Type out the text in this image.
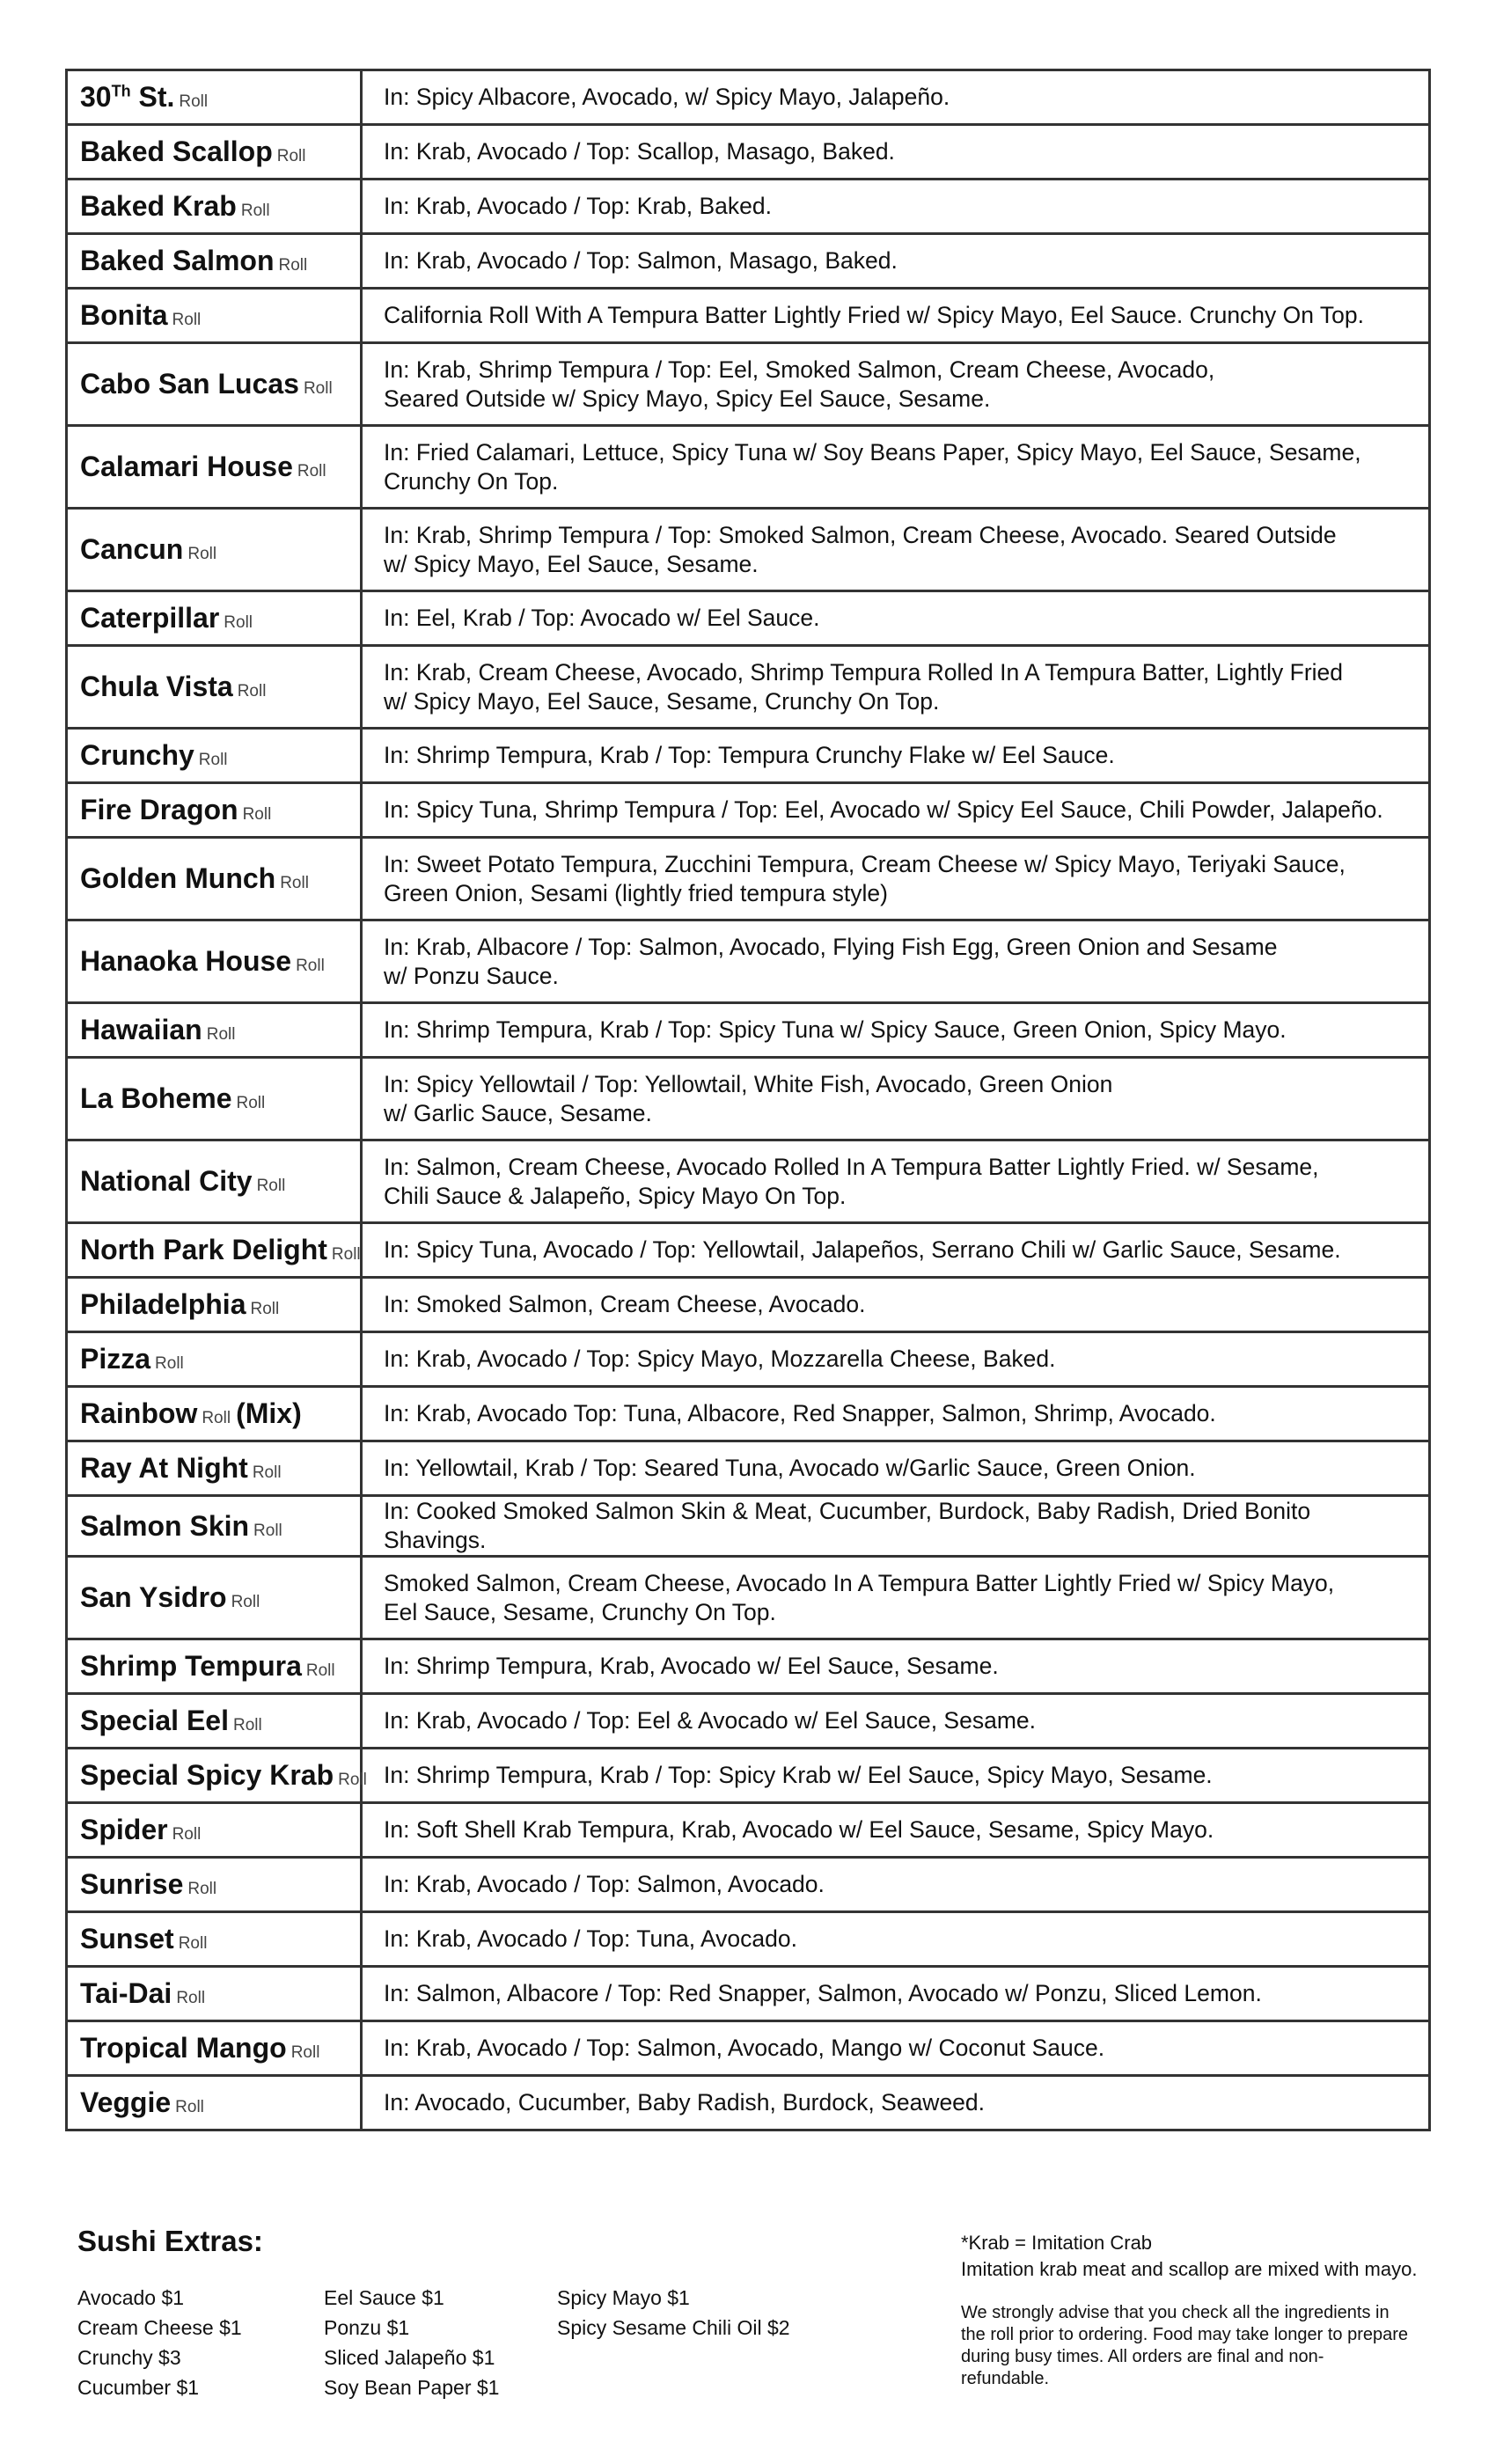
30Th St. Roll	In: Spicy Albacore, Avocado, w/ Spicy Mayo, Jalapeño.

Baked Scallop Roll	In: Krab, Avocado / Top: Scallop, Masago, Baked.

Baked Krab Roll	In: Krab, Avocado / Top: Krab, Baked.

Baked Salmon Roll	In: Krab, Avocado / Top: Salmon, Masago, Baked.

Bonita Roll	California Roll With A Tempura Batter Lightly Fried w/ Spicy Mayo, Eel Sauce. Crunchy On Top.

Cabo San Lucas Roll	In: Krab, Shrimp Tempura / Top: Eel, Smoked Salmon, Cream Cheese, Avocado,
Seared Outside w/ Spicy Mayo, Spicy Eel Sauce, Sesame.

Calamari House Roll	In: Fried Calamari, Lettuce, Spicy Tuna w/ Soy Beans Paper, Spicy Mayo, Eel Sauce, Sesame,
Crunchy On Top.

Cancun Roll	In: Krab, Shrimp Tempura / Top: Smoked Salmon, Cream Cheese, Avocado. Seared Outside
w/ Spicy Mayo, Eel Sauce, Sesame.

Caterpillar Roll	In: Eel, Krab / Top: Avocado w/ Eel Sauce.

Chula Vista Roll	In: Krab, Cream Cheese, Avocado, Shrimp Tempura Rolled In A Tempura Batter, Lightly Fried
w/ Spicy Mayo, Eel Sauce, Sesame, Crunchy On Top.

Crunchy Roll	In: Shrimp Tempura, Krab / Top: Tempura Crunchy Flake w/ Eel Sauce.

Fire Dragon Roll	In: Spicy Tuna, Shrimp Tempura / Top: Eel, Avocado w/ Spicy Eel Sauce, Chili Powder, Jalapeño.

Golden Munch Roll	In: Sweet Potato Tempura, Zucchini Tempura, Cream Cheese w/ Spicy Mayo, Teriyaki Sauce,
Green Onion, Sesami (lightly fried tempura style)

Hanaoka House Roll	In: Krab, Albacore / Top: Salmon, Avocado, Flying Fish Egg, Green Onion and Sesame
w/ Ponzu Sauce.

Hawaiian Roll	In: Shrimp Tempura, Krab / Top: Spicy Tuna w/ Spicy Sauce, Green Onion, Spicy Mayo.

La Boheme Roll	In: Spicy Yellowtail / Top: Yellowtail, White Fish, Avocado, Green Onion
w/ Garlic Sauce, Sesame.

National City Roll	In: Salmon, Cream Cheese, Avocado Rolled In A Tempura Batter Lightly Fried. w/ Sesame,
Chili Sauce & Jalapeño, Spicy Mayo On Top.

North Park Delight Roll	In: Spicy Tuna, Avocado / Top: Yellowtail, Jalapeños, Serrano Chili w/ Garlic Sauce, Sesame.

Philadelphia Roll	In: Smoked Salmon, Cream Cheese, Avocado.

Pizza Roll	In: Krab, Avocado / Top: Spicy Mayo, Mozzarella Cheese, Baked.

Rainbow Roll (Mix)	In: Krab, Avocado Top: Tuna, Albacore, Red Snapper, Salmon, Shrimp, Avocado.

Ray At Night Roll	In: Yellowtail, Krab / Top: Seared Tuna, Avocado w/Garlic Sauce, Green Onion.

Salmon Skin Roll	In: Cooked Smoked Salmon Skin & Meat, Cucumber, Burdock, Baby Radish, Dried Bonito Shavings.

San Ysidro Roll	Smoked Salmon, Cream Cheese, Avocado In A Tempura Batter Lightly Fried w/ Spicy Mayo,
Eel Sauce, Sesame, Crunchy On Top.

Shrimp Tempura Roll	In: Shrimp Tempura, Krab, Avocado w/ Eel Sauce, Sesame.

Special Eel Roll	In: Krab, Avocado / Top: Eel & Avocado w/ Eel Sauce, Sesame.

Special Spicy Krab Roll	In: Shrimp Tempura, Krab / Top: Spicy Krab w/ Eel Sauce, Spicy Mayo, Sesame.

Spider Roll	In: Soft Shell Krab Tempura, Krab, Avocado w/ Eel Sauce, Sesame, Spicy Mayo.

Sunrise Roll	In: Krab, Avocado / Top: Salmon, Avocado.

Sunset Roll	In: Krab, Avocado / Top: Tuna, Avocado.

Tai-Dai Roll	In: Salmon, Albacore / Top: Red Snapper, Salmon, Avocado w/ Ponzu, Sliced Lemon.

Tropical Mango Roll	In: Krab, Avocado / Top: Salmon, Avocado, Mango w/ Coconut Sauce.

Veggie Roll	In: Avocado, Cucumber, Baby Radish, Burdock, Seaweed.
Sushi Extras:
Avocado $1
Cream Cheese $1
Crunchy $3
Cucumber $1
Eel Sauce $1
Ponzu $1
Sliced Jalapeño $1
Soy Bean Paper $1
Spicy Mayo $1
Spicy Sesame Chili Oil $2
*Krab = Imitation Crab
Imitation krab meat and scallop are mixed with mayo.
We strongly advise that you check all the ingredients in the roll prior to ordering. Food may take longer to prepare during busy times. All orders are final and non-refundable.
